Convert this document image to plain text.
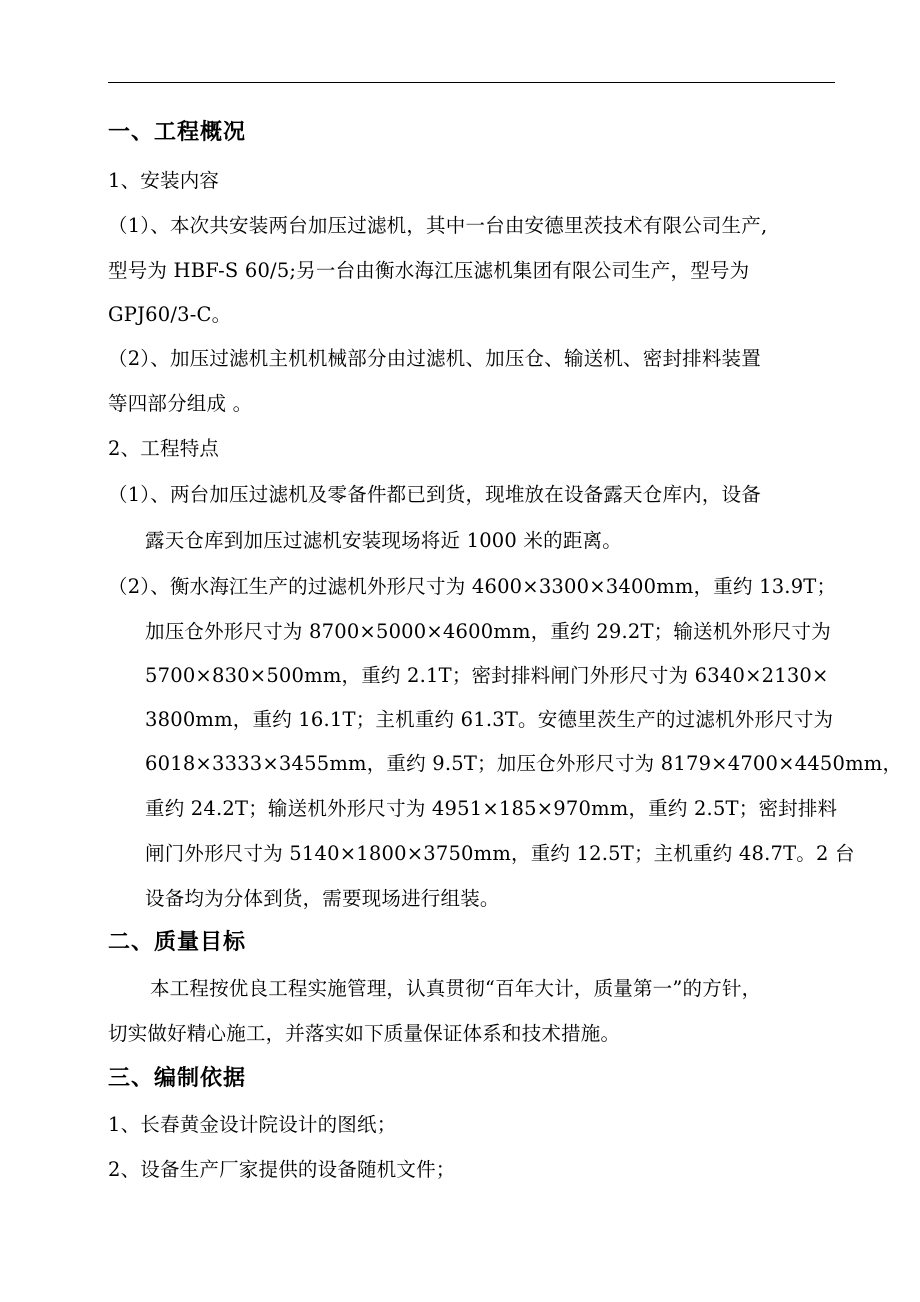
一、工程概况
1、安装内容
（1）、本次共安装两台加压过滤机，其中一台由安德里茨技术有限公司生产,
型号为 HBF-S 60/5;另一台由衡水海江压滤机集团有限公司生产，型号为
GPJ60/3-C。
（2）、加压过滤机主机机械部分由过滤机、加压仓、输送机、密封排料装置
等四部分组成 。
2、工程特点
（1）、两台加压过滤机及零备件都已到货，现堆放在设备露天仓库内，设备
露天仓库到加压过滤机安装现场将近 1000 米的距离。
（2）、衡水海江生产的过滤机外形尺寸为 4600×3300×3400mm，重约 13.9T；
加压仓外形尺寸为 8700×5000×4600mm，重约 29.2T；输送机外形尺寸为
5700×830×500mm，重约 2.1T；密封排料闸门外形尺寸为 6340×2130×
3800mm，重约 16.1T；主机重约 61.3T。安德里茨生产的过滤机外形尺寸为
6018×3333×3455mm，重约 9.5T；加压仓外形尺寸为 8179×4700×4450mm，
重约 24.2T；输送机外形尺寸为 4951×185×970mm，重约 2.5T；密封排料
闸门外形尺寸为 5140×1800×3750mm，重约 12.5T；主机重约 48.7T。2 台
设备均为分体到货，需要现场进行组装。
二、质量目标
本工程按优良工程实施管理，认真贯彻“百年大计，质量第一”的方针，
切实做好精心施工，并落实如下质量保证体系和技术措施。
三、编制依据
1、长春黄金设计院设计的图纸；
2、设备生产厂家提供的设备随机文件；
